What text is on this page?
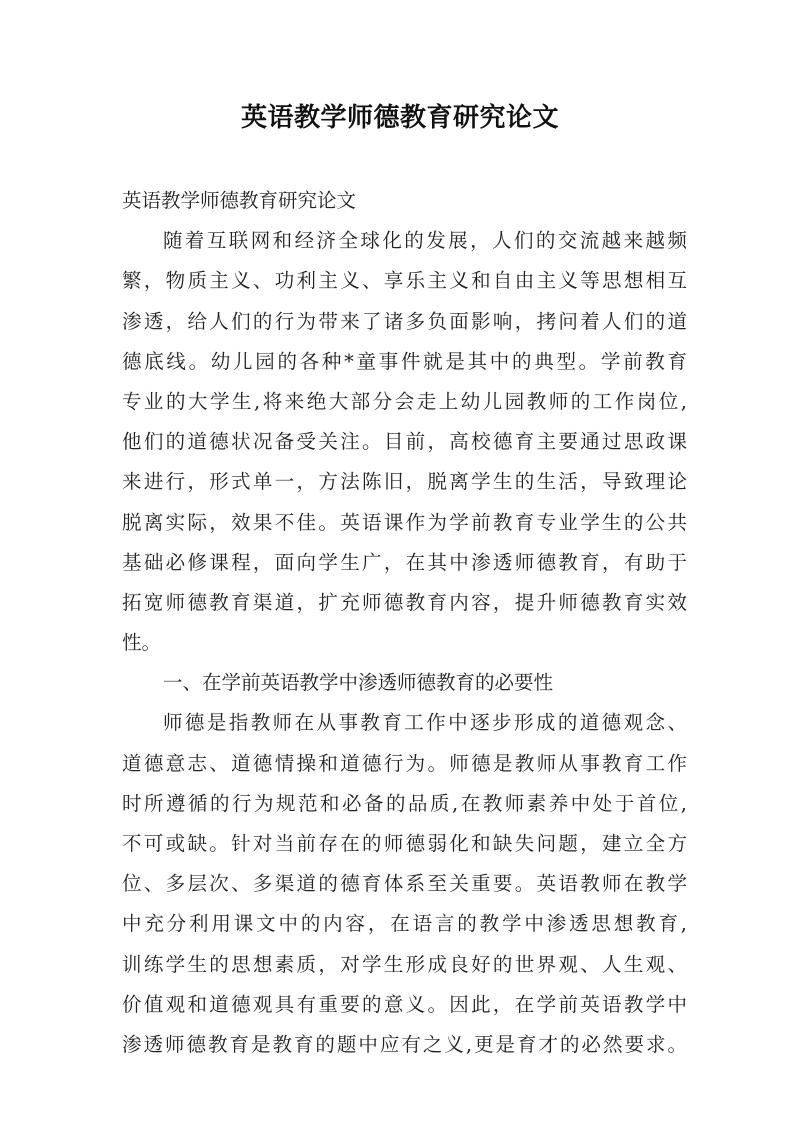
英语教学师德教育研究论文
英语教学师德教育研究论文
随着互联网和经济全球化的发展，人们的交流越来越频
繁，物质主义、功利主义、享乐主义和自由主义等思想相互
渗透，给人们的行为带来了诸多负面影响，拷问着人们的道
德底线。幼儿园的各种*童事件就是其中的典型。学前教育
专业的大学生,将来绝大部分会走上幼儿园教师的工作岗位,
他们的道德状况备受关注。目前，高校德育主要通过思政课
来进行，形式单一，方法陈旧，脱离学生的生活，导致理论
脱离实际，效果不佳。英语课作为学前教育专业学生的公共
基础必修课程，面向学生广，在其中渗透师德教育，有助于
拓宽师德教育渠道，扩充师德教育内容，提升师德教育实效
性。
一、在学前英语教学中渗透师德教育的必要性
师德是指教师在从事教育工作中逐步形成的道德观念、
道德意志、道德情操和道德行为。师德是教师从事教育工作
时所遵循的行为规范和必备的品质,在教师素养中处于首位,
不可或缺。针对当前存在的师德弱化和缺失问题，建立全方
位、多层次、多渠道的德育体系至关重要。英语教师在教学
中充分利用课文中的内容，在语言的教学中渗透思想教育,
训练学生的思想素质，对学生形成良好的世界观、人生观、
价值观和道德观具有重要的意义。因此，在学前英语教学中
渗透师德教育是教育的题中应有之义,更是育才的必然要求。
